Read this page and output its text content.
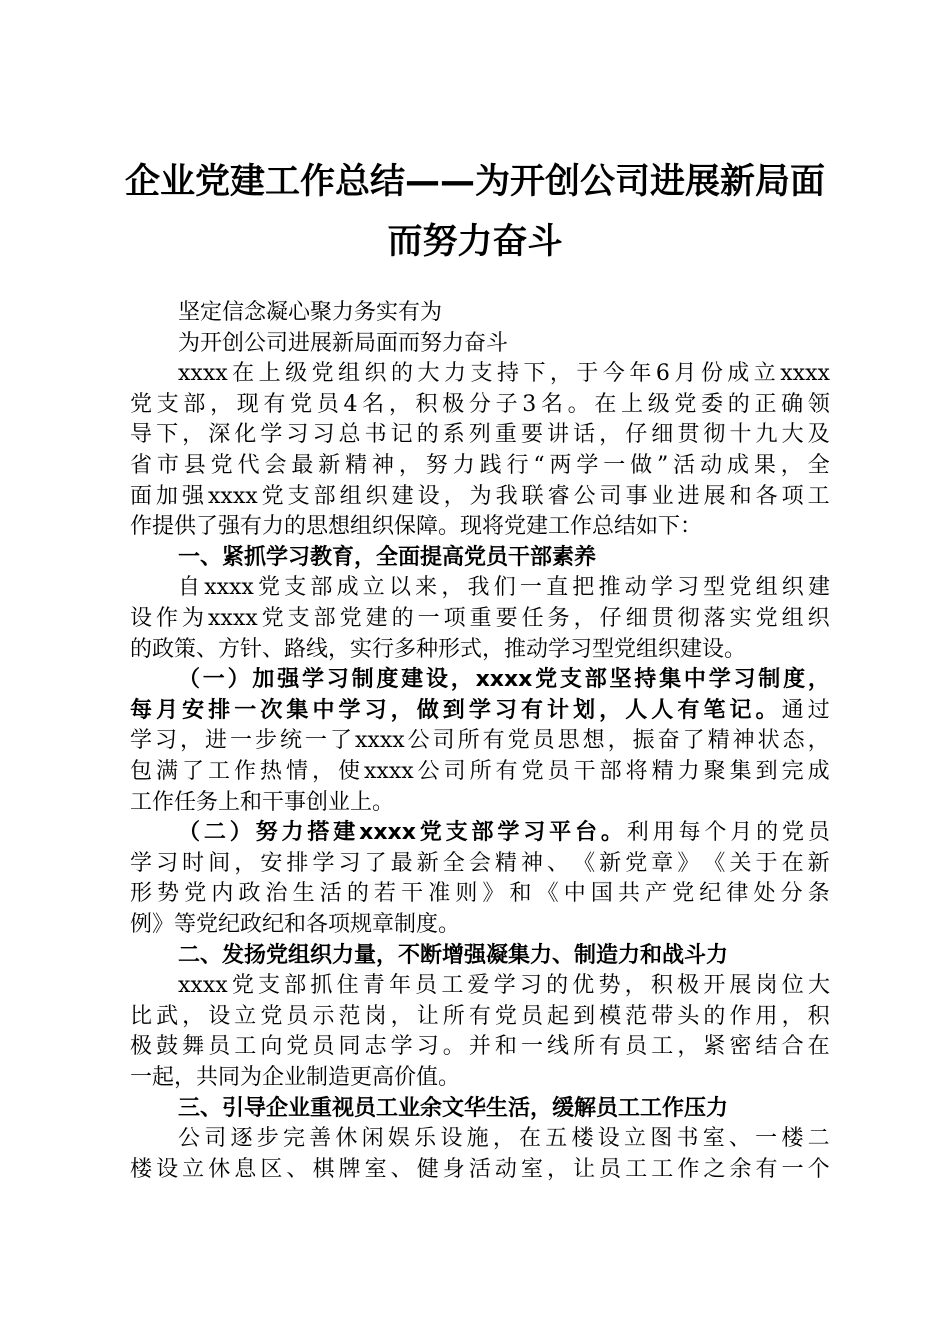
企业党建工作总结——为开创公司进展新局面
而努力奋斗
坚定信念凝心聚力务实有为
为开创公司进展新局面而努力奋斗
xxxx 在 上 级 党 组 织 的 大 力 支 持 下 ， 于 今 年 6 月 份 成 立 xxxx
党 支 部 ， 现 有 党 员 4 名 ， 积 极 分 子 3 名 。 在 上 级 党 委 的 正 确 领
导 下 ， 深 化 学 习 习 总 书 记 的 系 列 重 要 讲 话 ， 仔 细 贯 彻 十 九 大 及
省 市 县 党 代 会 最 新 精 神 ， 努 力 践 行 “ 两 学 一 做 ” 活 动 成 果 ， 全
面 加 强 xxxx 党 支 部 组 织 建 设 ， 为 我 联 睿 公 司 事 业 进 展 和 各 项 工
作提供了强有力的思想组织保障。现将党建工作总结如下：
一、紧抓学习教育，全面提高党员干部素养
自 xxxx 党 支 部 成 立 以 来 ， 我 们 一 直 把 推 动 学 习 型 党 组 织 建
设 作 为 xxxx 党 支 部 党 建 的 一 项 重 要 任 务 ， 仔 细 贯 彻 落 实 党 组 织
的政策、方针、路线，实行多种形式，推动学习型党组织建设。
（ 一 ） 加 强 学 习 制 度 建 设 ， xxxx 党 支 部 坚 持 集 中 学 习 制 度 ，
每 月 安 排 一 次 集 中 学 习 ， 做 到 学 习 有 计 划 ， 人 人 有 笔 记 。 通 过
学 习 ， 进 一 步 统 一 了 xxxx 公 司 所 有 党 员 思 想 ， 振 奋 了 精 神 状 态 ，
包 满 了 工 作 热 情 ， 使 xxxx 公 司 所 有 党 员 干 部 将 精 力 聚 集 到 完 成
工作任务上和干事创业上。
（ 二 ） 努 力 搭 建 xxxx 党 支 部 学 习 平 台 。 利 用 每 个 月 的 党 员
学 习 时 间 ， 安 排 学 习 了 最 新 全 会 精 神 、 《 新 党 章 》 《 关 于 在 新
形 势 党 内 政 治 生 活 的 若 干 准 则 》 和 《 中 国 共 产 党 纪 律 处 分 条
例》等党纪政纪和各项规章制度。
二、发扬党组织力量，不断增强凝集力、制造力和战斗力
xxxx 党 支 部 抓 住 青 年 员 工 爱 学 习 的 优 势 ， 积 极 开 展 岗 位 大
比 武 ， 设 立 党 员 示 范 岗 ， 让 所 有 党 员 起 到 模 范 带 头 的 作 用 ， 积
极 鼓 舞 员 工 向 党 员 同 志 学 习 。 并 和 一 线 所 有 员 工 ， 紧 密 结 合 在
一起，共同为企业制造更高价值。
三、引导企业重视员工业余文华生活，缓解员工工作压力
公 司 逐 步 完 善 休 闲 娱 乐 设 施 ， 在 五 楼 设 立 图 书 室 、 一 楼 二
楼 设 立 休 息 区 、 棋 牌 室 、 健 身 活 动 室 ， 让 员 工 工 作 之 余 有 一 个
